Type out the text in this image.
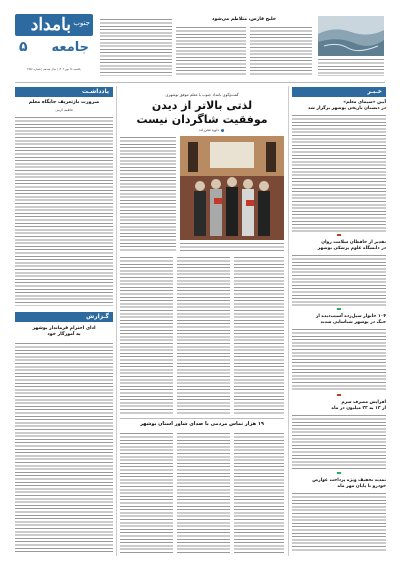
بامداد جنوب
جامعه
۵
یکشنبه ۲۸ مهر ۱۴۰۳ | سال هفدهم | شماره ۳۷۵۶
خلیج فارس، متلاطم می‌شود
خـبـر
آیین «سیمای معلم»
در دبستان تاریخی بوشهر برگزار شد
تقدیر از حافظان سلامت روان
در دانشگاه علوم پزشکی بوشهر
۱۰۴ خانوار سیل‌زده آسیب‌دیده از
جنگ در بوشهر شناسایی شدند
افزایش مصرف سرم
از ۱۳ به ۲۳ میلیون در ماه
تمدید تخفیف ویژه پرداخت عوارض
خودرو تا پایان مهر ماه
گفت‌وگوی بامداد جنوب با معلم موفق بوشهری
لذتی بالاتر از دیدن
موفقیت شاگردان نیست
داوود فخرزاده
۱۹ هزار تماس مردمی با صدای شاور استان بوشهر
یادداشـت
ضرورت بازتعریف جایگاه معلم
فاطمه کرمی
گـزارش
ادای احترام فرماندار بوشهر
به آموزگار خود
